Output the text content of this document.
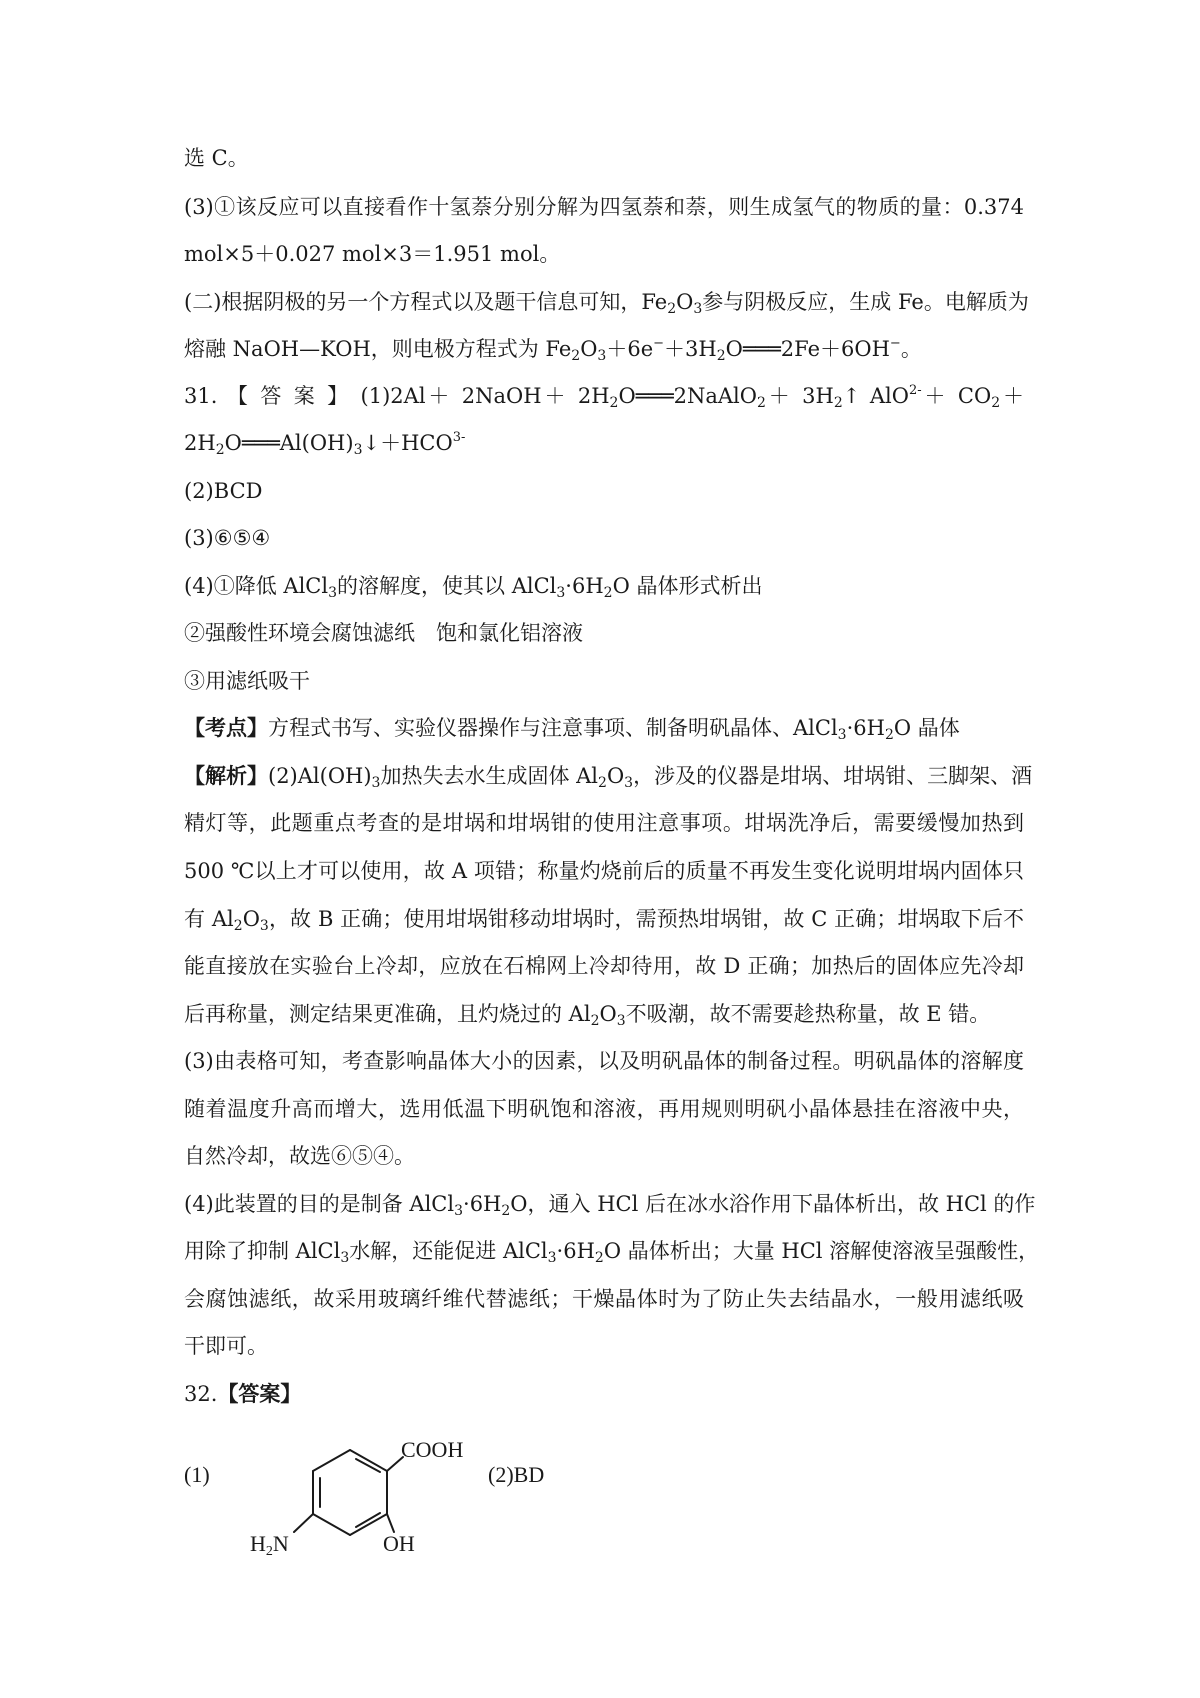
选 C。
(3)①该反应可以直接看作十氢萘分别分解为四氢萘和萘，则生成氢气的物质的量：0.374
mol×5＋0.027 mol×3＝1.951 mol。
(二)根据阴极的另一个方程式以及题干信息可知，$Fe_2O_3$参与阴极反应，生成 Fe。电解质为
熔融 NaOH—KOH，则电极方程式为 $Fe_2O_3+6e^-+3H_2O═══2Fe+6OH^-$。
31. 【 答 案 】 (1)2Al＋ 2NaOH＋ $2H_2O═══2NaAlO_2+$ $3H_2↑$ $AlO^{2-}+ CO_2+$
$2H_2O═══Al(OH)_3↓+HCO^{3-}$
(2)BCD
(3)⑥⑤④
(4)①降低 AlCl$_3$的溶解度，使其以 $AlCl_3\cdot 6H_2O$ 晶体形式析出
②强酸性环境会腐蚀滤纸　饱和氯化铝溶液
③用滤纸吸干
【考点】方程式书写、实验仪器操作与注意事项、制备明矾晶体、$AlCl_3\cdot 6H_2O$ 晶体
【解析】$(2)Al(OH)_3$加热失去水生成固体 $Al_2O_3$，涉及的仪器是坩埚、坩埚钳、三脚架、酒
精灯等，此题重点考查的是坩埚和坩埚钳的使用注意事项。坩埚洗净后，需要缓慢加热到
500 ℃以上才可以使用，故 A 项错；称量灼烧前后的质量不再发生变化说明坩埚内固体只
有 $Al_2O_3$，故 B 正确；使用坩埚钳移动坩埚时，需预热坩埚钳，故 C 正确；坩埚取下后不
能直接放在实验台上冷却，应放在石棉网上冷却待用，故 D 正确；加热后的固体应先冷却
后再称量，测定结果更准确，且灼烧过的 $Al_2O_3$不吸潮，故不需要趁热称量，故 E 错。
(3)由表格可知，考查影响晶体大小的因素，以及明矾晶体的制备过程。明矾晶体的溶解度
随着温度升高而增大，选用低温下明矾饱和溶液，再用规则明矾小晶体悬挂在溶液中央，
自然冷却，故选⑥⑤④。
(4)此装置的目的是制备 $AlCl_3\cdot 6H_2O$，通入 HCl 后在冰水浴作用下晶体析出，故 HCl 的作
用除了抑制 AlCl$_3$水解，还能促进 $AlCl_3\cdot 6H_2O$ 晶体析出；大量 HCl 溶解使溶液呈强酸性，
会腐蚀滤纸，故采用玻璃纤维代替滤纸；干燥晶体时为了防止失去结晶水，一般用滤纸吸
干即可。
32.【答案】
(1)
COOH
OH
$H_2N$
(2)BD
